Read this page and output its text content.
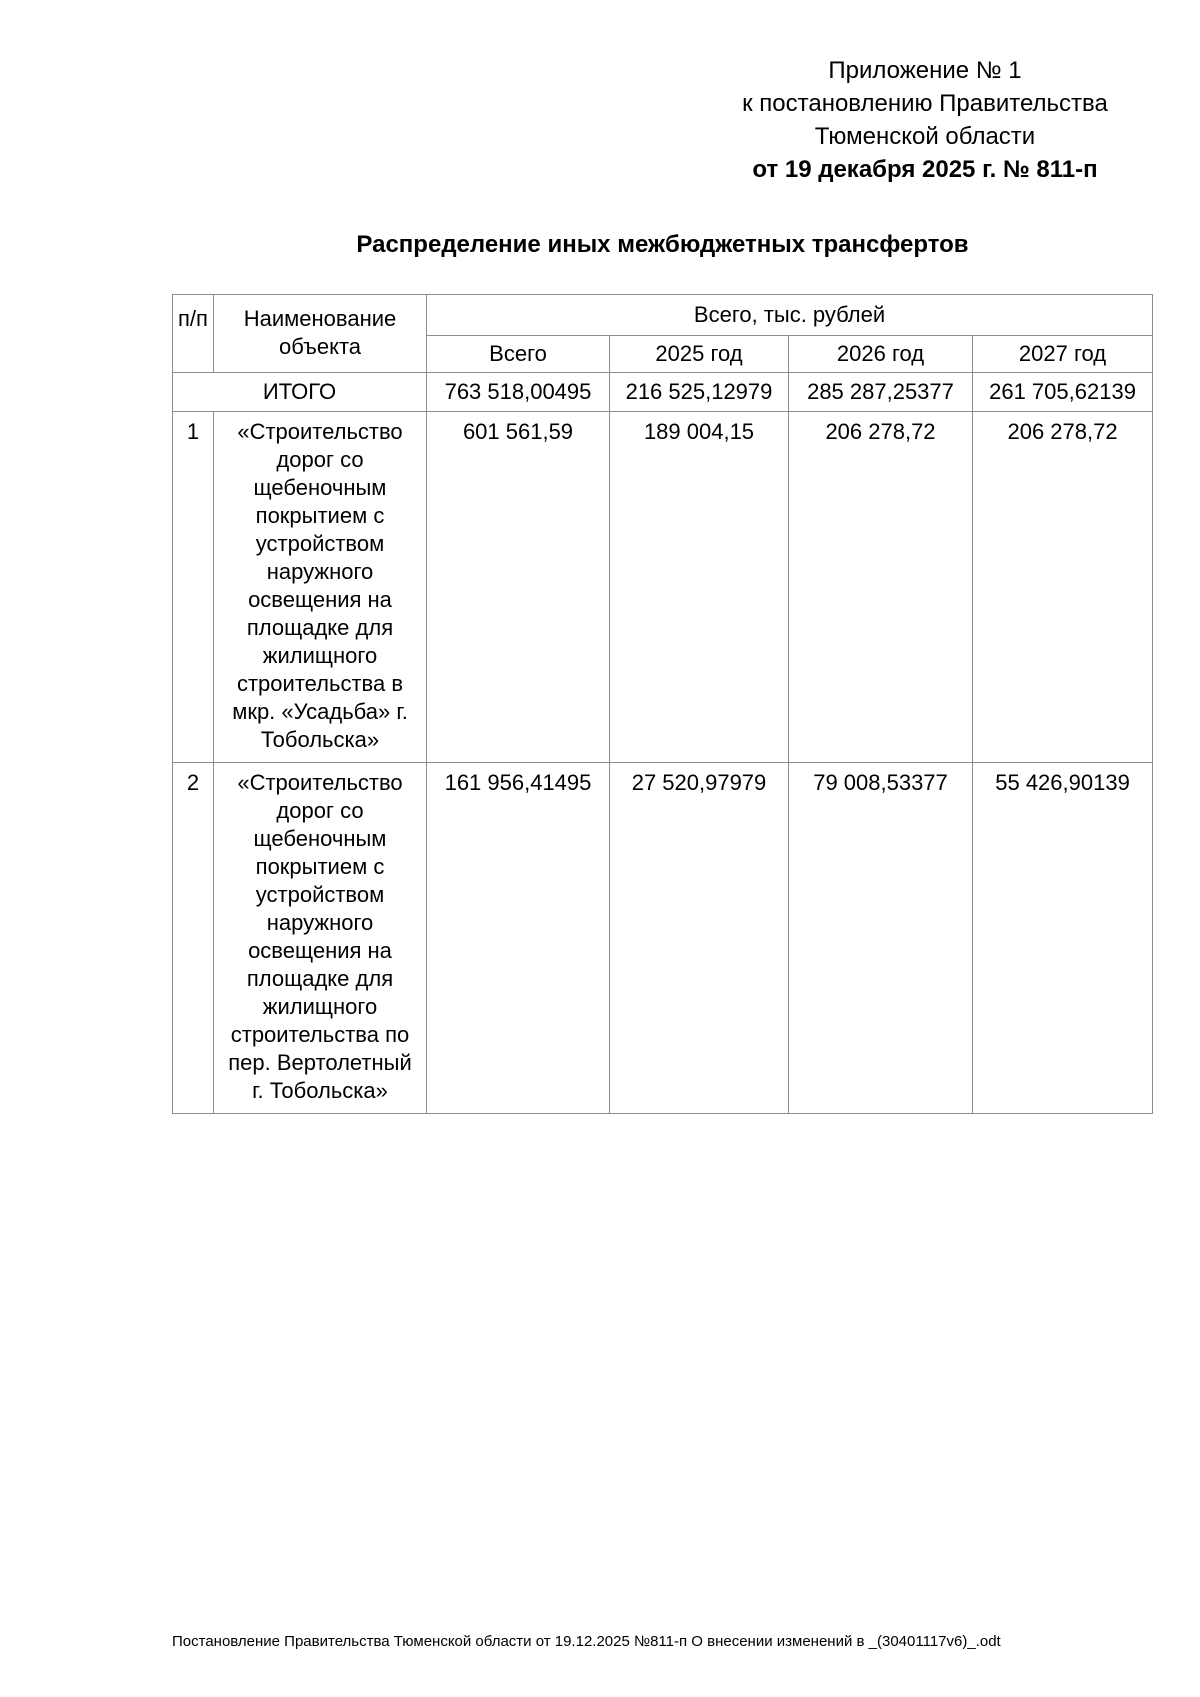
Приложение № 1
к постановлению Правительства
Тюменской области
от 19 декабря 2025 г. № 811-п
Распределение иных межбюджетных трансфертов
п/п	Наименование объекта	Всего, тыс. рублей			
		Всего	2025 год	2026 год	2027 год
ИТОГО		763 518,00495	216 525,12979	285 287,25377	261 705,62139
1	«Строительство дорог со щебеночным покрытием с устройством наружного освещения на площадке для жилищного строительства в мкр. «Усадьба» г. Тобольска»	601 561,59	189 004,15	206 278,72	206 278,72
2	«Строительство дорог со щебеночным покрытием с устройством наружного освещения на площадке для жилищного строительства по пер. Вертолетный г. Тобольска»	161 956,41495	27 520,97979	79 008,53377	55 426,90139
Постановление Правительства Тюменской области от 19.12.2025 №811-п О внесении изменений в _(30401117v6)_.odt
